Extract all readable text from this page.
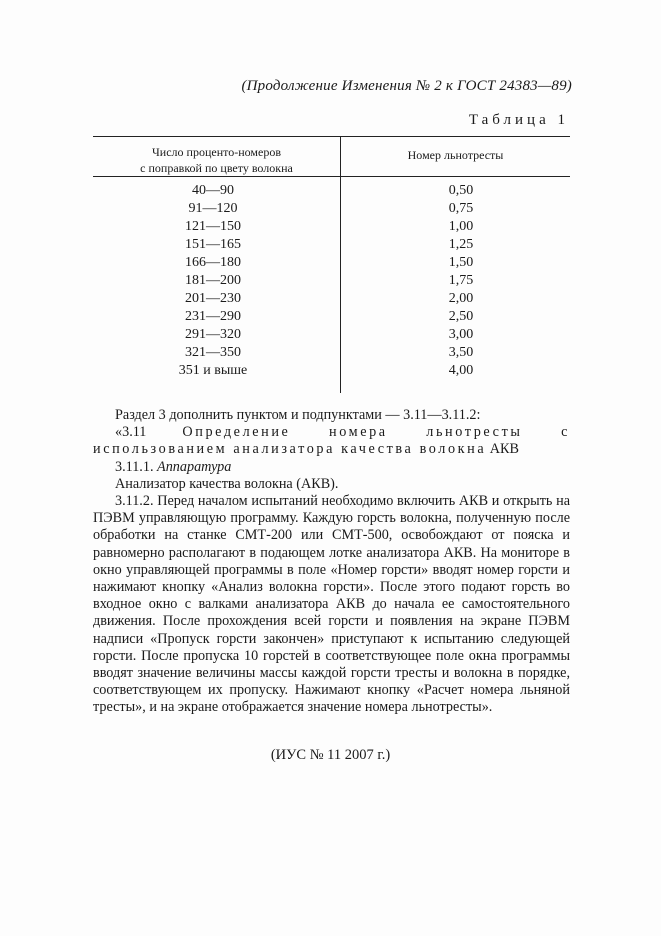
(Продолжение Изменения № 2 к ГОСТ 24383—89)
Таблица 1
Число проценто-номеров
с поправкой по цвету волокна
Номер льнотресты
40—90	0,50
91—120	0,75
121—150	1,00
151—165	1,25
166—180	1,50
181—200	1,75
201—230	2,00
231—290	2,50
291—320	3,00
321—350	3,50
351 и выше	4,00

Раздел 3 дополнить пунктом и подпунктами — 3.11—3.11.2:

«3.11 Определение номера льнотресты с использованием анализатора качества волокна АКВ

3.11.1. Аппаратура

Анализатор качества волокна (АКВ).

3.11.2. Перед началом испытаний необходимо включить АКВ и открыть на ПЭВМ управляющую программу. Каждую горсть волокна, полученную после обработки на станке СМТ-200 или СМТ-500, освобождают от пояска и равномерно располагают в подающем лотке анализатора АКВ. На мониторе в окно управляющей программы в поле «Номер горсти» вводят номер горсти и нажимают кнопку «Анализ волокна горсти». После этого подают горсть во входное окно с валками анализатора АКВ до начала ее самостоятельного движения. После прохождения всей горсти и появления на экране ПЭВМ надписи «Пропуск горсти закончен» приступают к испытанию следующей горсти. После пропуска 10 горстей в соответствующее поле окна программы вводят значение величины массы каждой горсти тресты и волокна в порядке, соответствующем их пропуску. Нажимают кнопку «Расчет номера льняной тресты», и на экране отображается значение номера льнотресты».

(ИУС № 11 2007 г.)
